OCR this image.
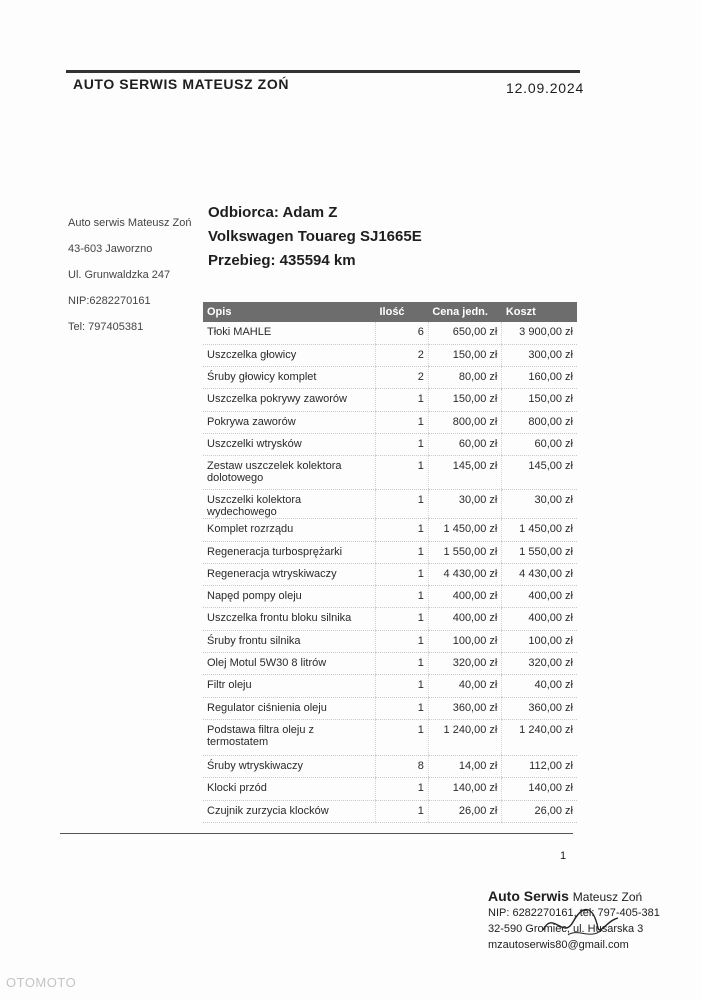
AUTO SERWIS MATEUSZ ZOŃ	12.09.2024
Auto serwis Mateusz Zoń
43-603 Jaworzno
Ul. Grunwaldzka 247
NIP:6282270161
Tel: 797405381
Odbiorca: Adam Z
Volkswagen Touareg SJ1665E
Przebieg: 435594 km
Opis	Ilość	Cena jedn.	Koszt
Tłoki MAHLE	6	650,00 zł	3 900,00 zł
Uszczelka głowicy	2	150,00 zł	300,00 zł
Śruby głowicy komplet	2	80,00 zł	160,00 zł
Uszczelka pokrywy zaworów	1	150,00 zł	150,00 zł
Pokrywa zaworów	1	800,00 zł	800,00 zł
Uszczelki wtrysków	1	60,00 zł	60,00 zł
Zestaw uszczelek kolektora dolotowego	1	145,00 zł	145,00 zł
Uszczelki kolektora wydechowego	1	30,00 zł	30,00 zł
Komplet rozrządu	1	1 450,00 zł	1 450,00 zł
Regeneracja turbosprężarki	1	1 550,00 zł	1 550,00 zł
Regeneracja wtryskiwaczy	1	4 430,00 zł	4 430,00 zł
Napęd pompy oleju	1	400,00 zł	400,00 zł
Uszczelka frontu bloku silnika	1	400,00 zł	400,00 zł
Śruby frontu silnika	1	100,00 zł	100,00 zł
Olej Motul 5W30 8 litrów	1	320,00 zł	320,00 zł
Filtr oleju	1	40,00 zł	40,00 zł
Regulator ciśnienia oleju	1	360,00 zł	360,00 zł
Podstawa filtra oleju z termostatem	1	1 240,00 zł	1 240,00 zł
Śruby wtryskiwaczy	8	14,00 zł	112,00 zł
Klocki przód	1	140,00 zł	140,00 zł
Czujnik zurzycia klocków	1	26,00 zł	26,00 zł
1
Auto Serwis Mateusz Zoń
NIP: 6282270161, tel: 797-405-381
32-590 Gromiec, ul. Husarska 3
mzautoserwis80@gmail.com
OTOMOTO
